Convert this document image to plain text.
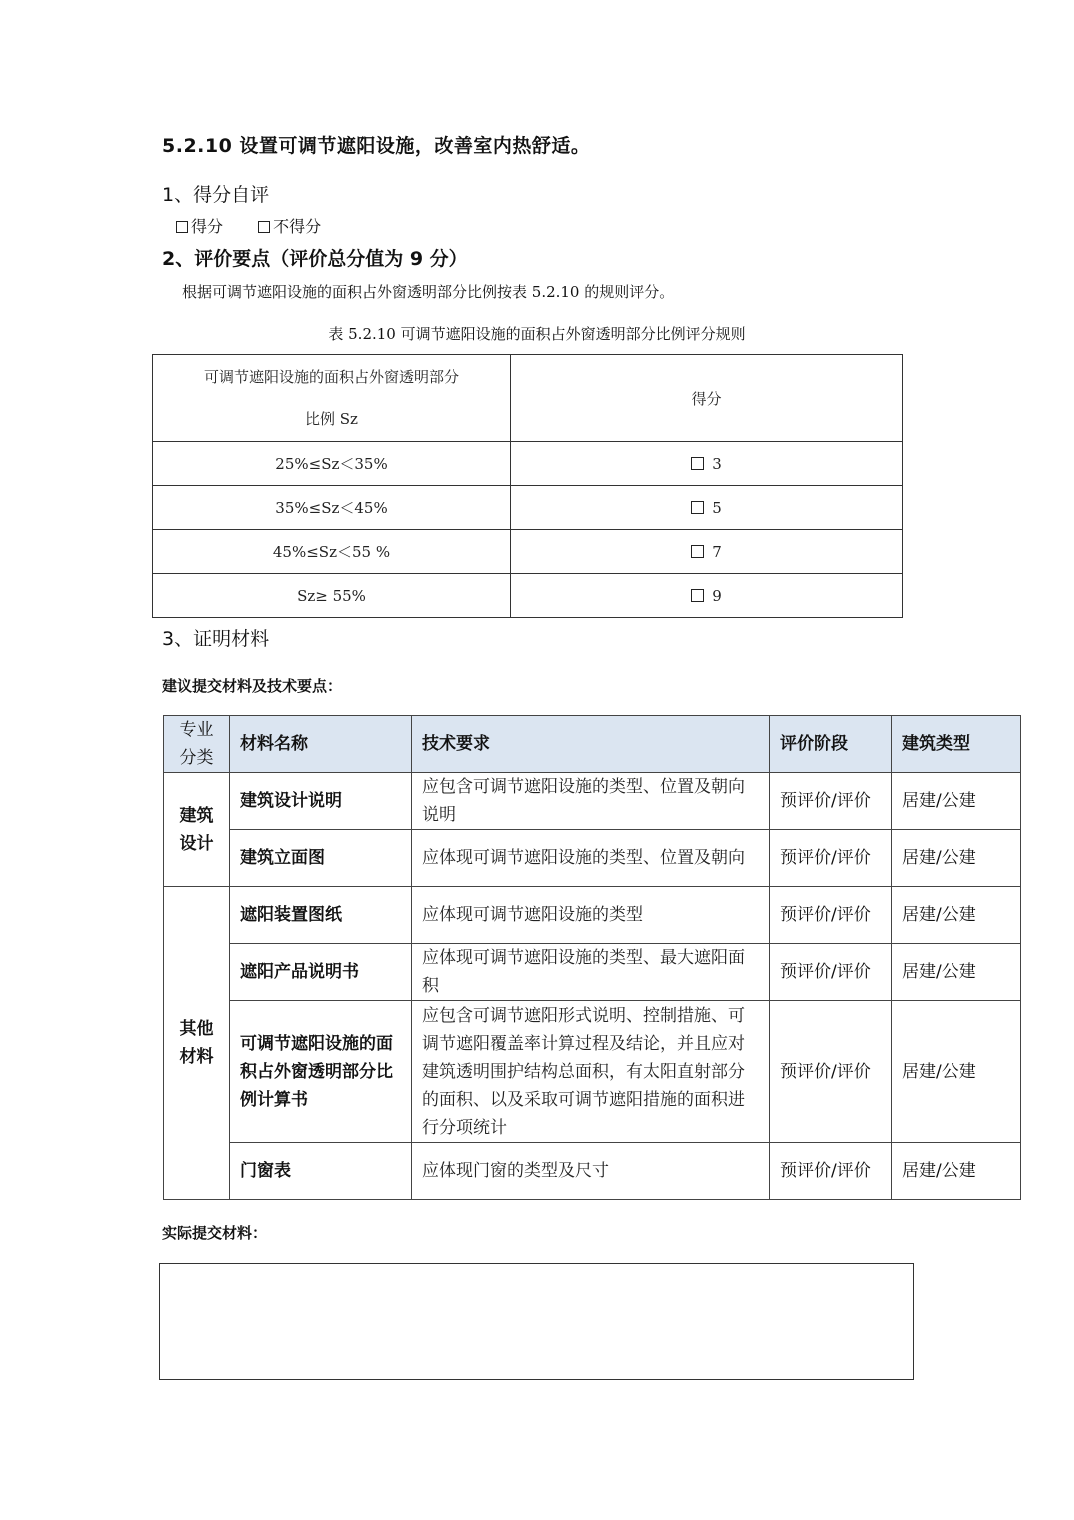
5.2.10 设置可调节遮阳设施，改善室内热舒适。
1、得分自评
得分	不得分
2、评价要点（评价总分值为 9 分）
根据可调节遮阳设施的面积占外窗透明部分比例按表 5.2.10 的规则评分。
表 5.2.10 可调节遮阳设施的面积占外窗透明部分比例评分规则
可调节遮阳设施的面积占外窗透明部分
比例 Sz	得分
25%≤Sz＜35%	3
35%≤Sz＜45%	5
45%≤Sz＜55 %	7
Sz≥ 55%	9
3、证明材料
建议提交材料及技术要点：
专业
分类	材料名称	技术要求	评价阶段	建筑类型

建筑
设计	建筑设计说明	应包含可调节遮阳设施的类型、位置及朝向说明	预评价/评价	居建/公建
	建筑立面图	应体现可调节遮阳设施的类型、位置及朝向	预评价/评价	居建/公建

其他
材料	遮阳装置图纸	应体现可调节遮阳设施的类型	预评价/评价	居建/公建
	遮阳产品说明书	应体现可调节遮阳设施的类型、最大遮阳面积	预评价/评价	居建/公建
	可调节遮阳设施的面积占外窗透明部分比例计算书	应包含可调节遮阳形式说明、控制措施、可调节遮阳覆盖率计算过程及结论，并且应对建筑透明围护结构总面积，有太阳直射部分的面积、以及采取可调节遮阳措施的面积进行分项统计	预评价/评价	居建/公建
	门窗表	应体现门窗的类型及尺寸	预评价/评价	居建/公建
实际提交材料：
